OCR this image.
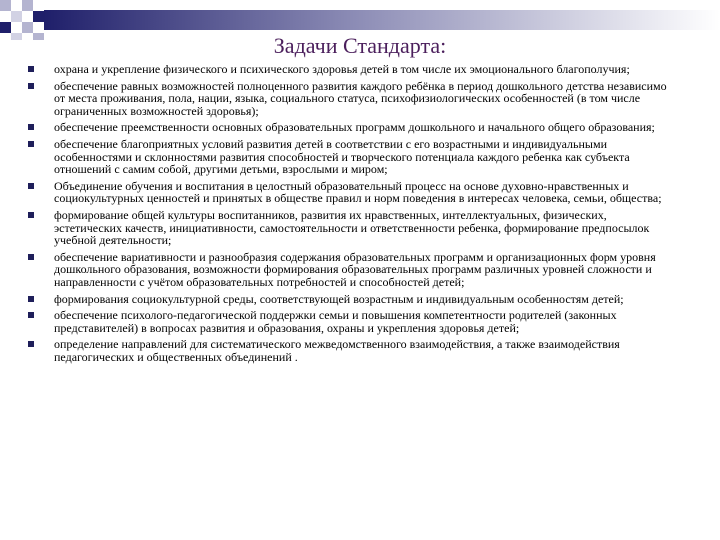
Задачи Стандарта:
охрана и укрепление физического и психического здоровья детей в том числе их эмоционального благополучия;
обеспечение равных возможностей полноценного развития каждого ребёнка в период дошкольного детства независимо от места проживания, пола, нации, языка, социального статуса, психофизиологических особенностей (в том числе ограниченных возможностей здоровья);
обеспечение преемственности основных образовательных программ дошкольного и начального общего образования;
обеспечение благоприятных условий развития детей в соответствии с его возрастными и индивидуальными особенностями и склонностями развития способностей и творческого потенциала каждого ребенка как субъекта отношений с самим собой, другими детьми, взрослыми и миром;
Объединение обучения и воспитания в целостный образовательный процесс на основе духовно-нравственных и социокультурных ценностей и принятых в обществе правил и норм поведения в интересах человека, семьи, общества;
формирование общей культуры воспитанников, развития их нравственных, интеллектуальных, физических, эстетических качеств, инициативности, самостоятельности и ответственности ребенка, формирование предпосылок учебной деятельности;
обеспечение вариативности и разнообразия содержания образовательных программ и организационных форм уровня дошкольного образования, возможности формирования образовательных программ различных уровней сложности и направленности с учётом образовательных потребностей и способностей детей;
формирования социокультурной среды, соответствующей возрастным и индивидуальным особенностям детей;
обеспечение психолого-педагогической поддержки семьи и повышения компетентности родителей (законных представителей) в вопросах развития и образования, охраны и укрепления здоровья детей;
определение направлений для систематического межведомственного взаимодействия, а также взаимодействия педагогических и общественных объединений .
